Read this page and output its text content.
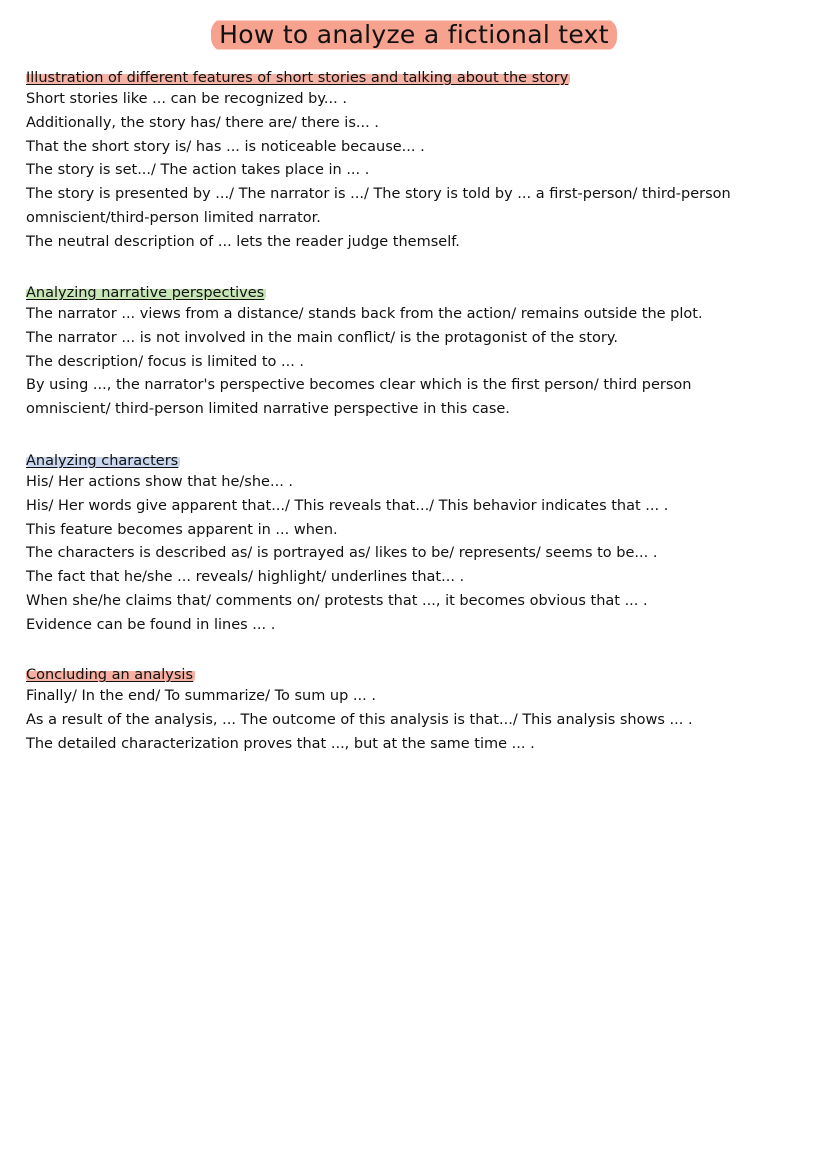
How to analyze a fictional text
Illustration of different features of short stories and talking about the story
Short stories like ... can be recognized by... .
Additionally, the story has/ there are/ there is... .
That the short story is/ has ... is noticeable because... .
The story is set.../ The action takes place in ... .
The story is presented by .../ The narrator is .../ The story is told by ... a first-person/ third-person omniscient/third-person limited narrator.
The neutral description of ... lets the reader judge themself.
Analyzing narrative perspectives
The narrator ... views from a distance/ stands back from the action/ remains outside the plot.
The narrator ... is not involved in the main conflict/ is the protagonist of the story.
The description/ focus is limited to ... .
By using ..., the narrator's perspective becomes clear which is the first person/ third person omniscient/ third-person limited narrative perspective in this case.
Analyzing characters
His/ Her actions show that he/she... .
His/ Her words give apparent that.../ This reveals that.../ This behavior indicates that ... .
This feature becomes apparent in ... when.
The characters is described as/ is portrayed as/ likes to be/ represents/ seems to be... .
The fact that he/she ... reveals/ highlight/ underlines that... .
When she/he claims that/ comments on/ protests that ..., it becomes obvious that ... .
Evidence can be found in lines ... .
Concluding an analysis
Finally/ In the end/ To summarize/ To sum up ... .
As a result of the analysis, ... The outcome of this analysis is that.../ This analysis shows ... .
The detailed characterization proves that ..., but at the same time ... .
